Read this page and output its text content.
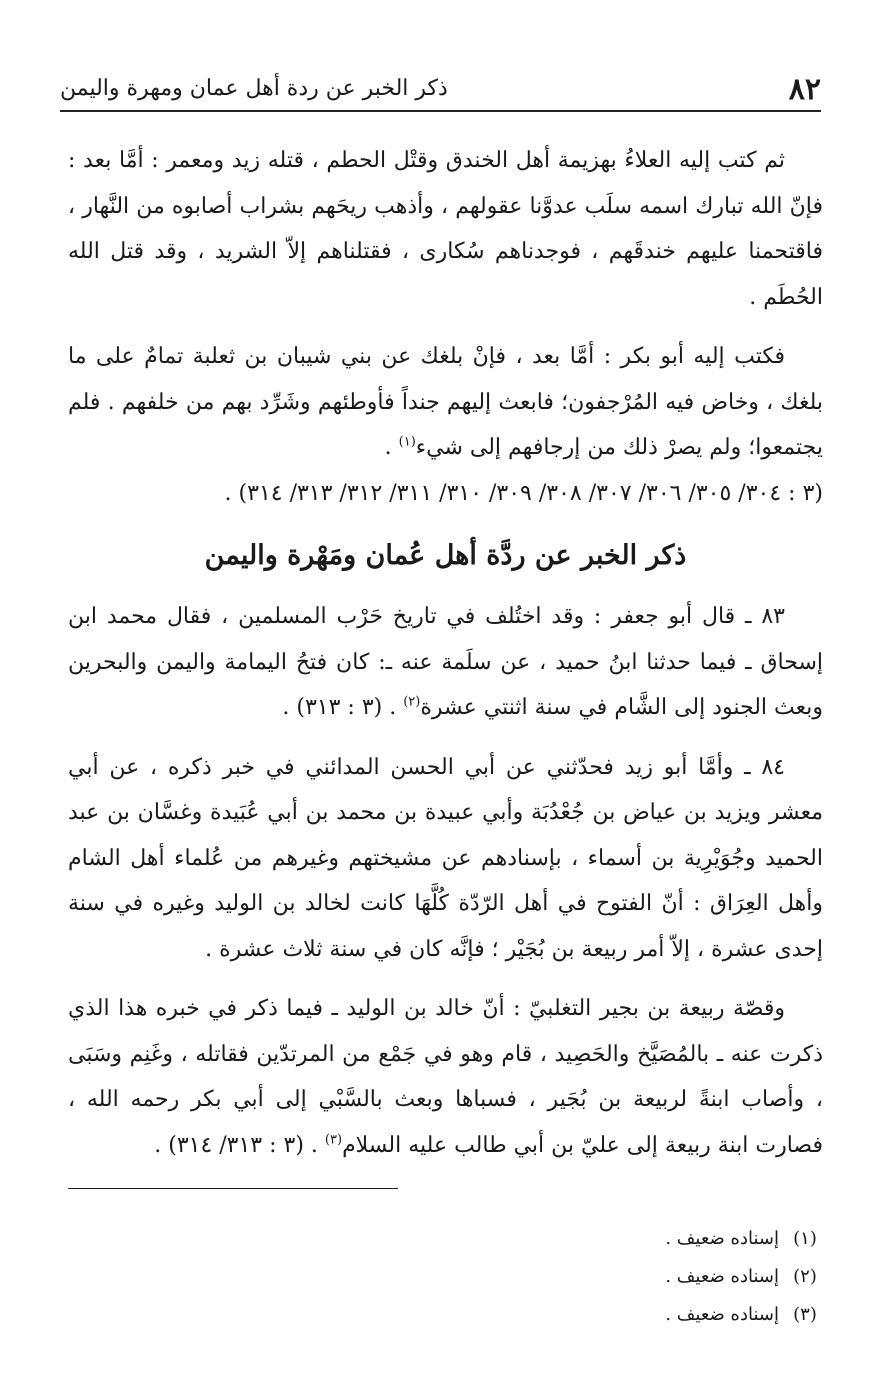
٨٢
ذكر الخبر عن ردة أهل عمان ومهرة واليمن

ثم كتب إليه العلاءُ بهزيمة أهل الخندق وقتْل الحطم ، قتله زيد ومعمر : أمَّا بعد : فإنّ الله تبارك اسمه سلَب عدوَّنا عقولهم ، وأذهب ريحَهم بشراب أصابوه من النَّهار ، فاقتحمنا عليهم خندقَهم ، فوجدناهم سُكارى ، فقتلناهم إلاّ الشريد ، وقد قتل الله الحُطَم .

فكتب إليه أبو بكر : أمَّا بعد ، فإنْ بلغك عن بني شيبان بن ثعلبة تمامٌ على ما بلغك ، وخاض فيه المُرْجفون؛ فابعث إليهم جنداً فأوطئهم وشَرِّد بهم من خلفهم . فلم يجتمعوا؛ ولم يصرْ ذلك من إرجافهم إلى شيء$^{(١)}$ .
(٣ : ٣٠٤/ ٣٠٥/ ٣٠٦/ ٣٠٧/ ٣٠٨/ ٣٠٩/ ٣١٠/ ٣١١/ ٣١٢/ ٣١٣/ ٣١٤) .

ذكر الخبر عن ردَّة أهل عُمان ومَهْرة واليمن

٨٣ ـ قال أبو جعفر : وقد اختُلف في تاريخ حَرْب المسلمين ، فقال محمد ابن إسحاق ـ فيما حدثنا ابنُ حميد ، عن سلَمة عنه ـ: كان فتحُ اليمامة واليمن والبحرين وبعث الجنود إلى الشَّام في سنة اثنتي عشرة$^{(٢)}$ . (٣ : ٣١٣) .

٨٤ ـ وأمَّا أبو زيد فحدّثني عن أبي الحسن المدائني في خبر ذكره ، عن أبي معشر ويزيد بن عياض بن جُعْدُبَة وأبي عبيدة بن محمد بن أبي عُبَيدة وغسَّان بن عبد الحميد وجُوَيْرِية بن أسماء ، بإسنادهم عن مشيختهم وغيرهم من عُلماء أهل الشام وأهل العِرَاق : أنّ الفتوح في أهل الرّدّة كُلَّهَا كانت لخالد بن الوليد وغيره في سنة إحدى عشرة ، إلاّ أمر ربيعة بن بُجَيْر ؛ فإنَّه كان في سنة ثلاث عشرة .

وقصّة ربيعة بن بجير التغلبيّ : أنّ خالد بن الوليد ـ فيما ذكر في خبره هذا الذي ذكرت عنه ـ بالمُصَيَّخ والحَصِيد ، قام وهو في جَمْع من المرتدّين فقاتله ، وغَنِم وسَبَى ، وأصاب ابنةً لربيعة بن بُجَير ، فسباها وبعث بالسَّبْي إلى أبي بكر رحمه الله ، فصارت ابنة ربيعة إلى عليّ بن أبي طالب عليه السلام$^{(٣)}$ . (٣ : ٣١٣/ ٣١٤) .

(١)إسناده ضعيف .
(٢)إسناده ضعيف .
(٣)إسناده ضعيف .
